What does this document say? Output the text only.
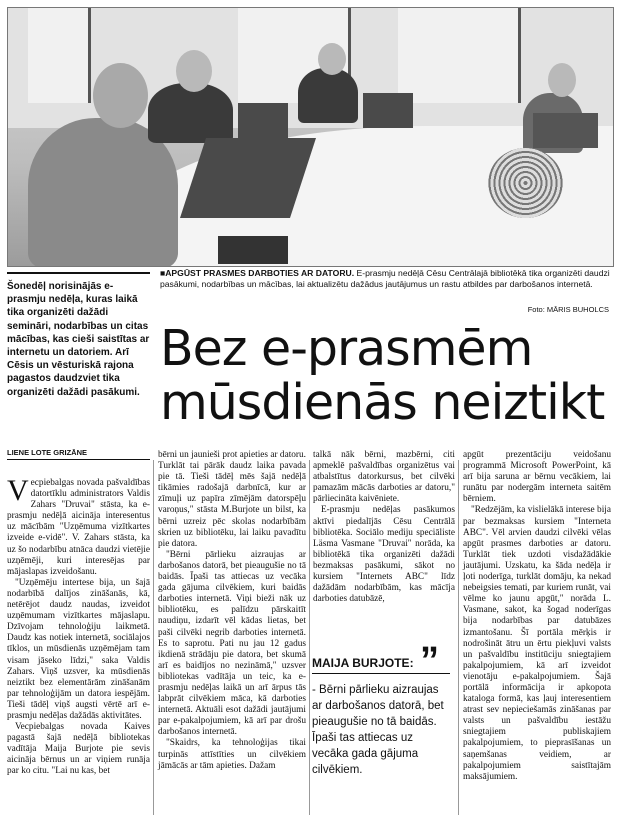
Šonedēļ norisinājās e-prasmju nedēļa, kuras laikā tika organizēti dažādi semināri, nodarbības un citas mācības, kas cieši saistītas ar internetu un datoriem. Arī Cēsis un vēsturiskā rajona pagastos daudzviet tika organizēti dažādi pasākumi.
■APGŪST PRASMES DARBOTIES AR DATORU. E-prasmju nedēļā Cēsu Centrālajā bibliotēkā tika organizēti daudzi pasākumi, nodarbības un mācības, lai aktualizētu dažādus jautājumus un rastu atbildes par darbošanos internetā.
Foto: MĀRIS BUHOLCS
Bez e-prasmēm
mūsdienās neiztikt
LIENE LOTE GRIZĀNE

Vecpiebalgas novada pašvaldības datortīklu administrators Valdis Zahars "Druvai" stāsta, ka e-prasmju nedēļā aicināja interesentus uz mācībām "Uzņēmuma vizītkartes izveide e-vidē". V. Zahars stāsta, ka uz šo nodarbību atnāca daudzi vietējie uzņēmēji, kuri interesējas par mājaslapas izveidošanu.

"Uzņēmēju intertese bija, un šajā nodarbībā dalījos zināšanās, kā, netērējot daudz naudas, izveidot uzņēmumam vizītkartes mājaslapu. Dzīvojam tehnoloģiju laikmetā. Daudz kas notiek internetā, sociālajos tīklos, un mūsdienās uzņēmējam tam visam jāseko līdzi," saka Valdis Zahars. Viņš uzsver, ka mūsdienās neiztikt bez elementārām zināšanām par tehnoloģijām un datora iespējām. Tieši tādēļ viņš augsti vērtē arī e-prasmju nedēļas dažādās aktivitātes.

Vecpiebalgas novada Kaives pagastā šajā nedēļā bibliotekas vadītāja Maija Burjote pie sevis aicināja bērnus un ar viņiem runāja par ko citu. "Lai nu kas, bet

bērni un jaunieši prot apieties ar datoru. Turklāt tai pārāk daudz laika pavada pie tā. Tieši tādēļ mēs šajā nedēļā tikāmies radošajā darbnīcā, kur ar zīmuļi uz papīra zīmējām datorspēļu varoņus," stāsta M.Burjote un bilst, ka bērni uzreiz pēc skolas nodarbībām skrien uz bibliotēku, lai laiku pavadītu pie datora.

"Bērni pārlieku aizraujas ar darbošanos datorā, bet pieaugušie no tā baidās. Īpaši tas attiecas uz vecāka gada gājuma cilvēkiem, kuri baidās darboties internetā. Viņi bieži nāk uz bibliotēku, es palīdzu pārskaitīt naudiņu, izdarīt vēl kādas lietas, bet paši cilvēki negrib darboties internetā. Es to saprotu. Pati nu jau 12 gadus ikdienā strādāju pie datora, bet skumā arī es baidījos no nezināmā," uzsver bibliotekas vadītāja un teic, ka e-prasmju nedēļas laikā un arī ārpus tās labprāt cilvēkiem māca, kā darboties internetā. Aktuāli esot dažādi jautājumi par e-pakalpojumiem, kā arī par drošu darbošanos internetā.

"Skaidrs, ka tehnoloģijas tikai turpinās attīstīties un cilvēkiem jāmācās ar tām apieties. Dažam

talkā nāk bērni, mazbērni, citi apmeklē pašvaldības organizētus vai atbalstītus datorkursus, bet cilvēki pamazām mācās darboties ar datoru," pārliecināta kaivēniete.

E-prasmju nedēļas pasākumos aktīvi piedalījās Cēsu Centrālā bibliotēka. Sociālo mediju speciāliste Läsma Vasmane "Druvai" norāda, ka bibliotēkā tika organizēti dažādi bezmaksas pasākumi, sākot no kursiem "Internets ABC" līdz dažādām nodarbībām, kas mācīja darboties datubāzē,

”
MAIJA BURJOTE:
- Bērni pārlieku aizraujas ar darbošanos datorā, bet pieaugušie no tā baidās. Īpaši tas attiecas uz vecāka gada gājuma cilvēkiem.

apgūt prezentāciju veidošanu programmā Microsoft PowerPoint, kā arī bija saruna ar bērnu vecākiem, lai runātu par nodergām interneta saitēm bērniem.

"Redzējām, ka vislielākā interese bija par bezmaksas kursiem "Interneta ABC". Vēl arvien daudzi cilvēki vēlas apgūt prasmes darboties ar datoru. Turklāt tiek uzdoti visdažādākie jautājumi. Uzskatu, ka šāda nedēļa ir ļoti noderīga, turklāt domāju, ka nekad nebeigsies temati, par kuriem runāt, vai vēlme ko jaunu apgūt," norāda L. Vasmane, sakot, ka šogad noderīgas bija nodarbības par datubāzes izmantošanu. Šī portāla mērķis ir nodrošināt ātru un ērtu piekļuvi valsts un pašvaldību institūciju sniegtajiem pakalpojumiem, kā arī izveidot vienotāju e-pakalpojumiem. Šajā portālā informācija ir apkopota kataloga formā, kas ļauj interesentiem atrast sev nepieciešamās zināšanas par valsts un pašvaldību iestāžu sniegtajiem publiskajiem pakalpojumiem, to pieprasīšanas un saņemšanas veidiem, ar pakalpojumiem saistītajām maksājumiem.
